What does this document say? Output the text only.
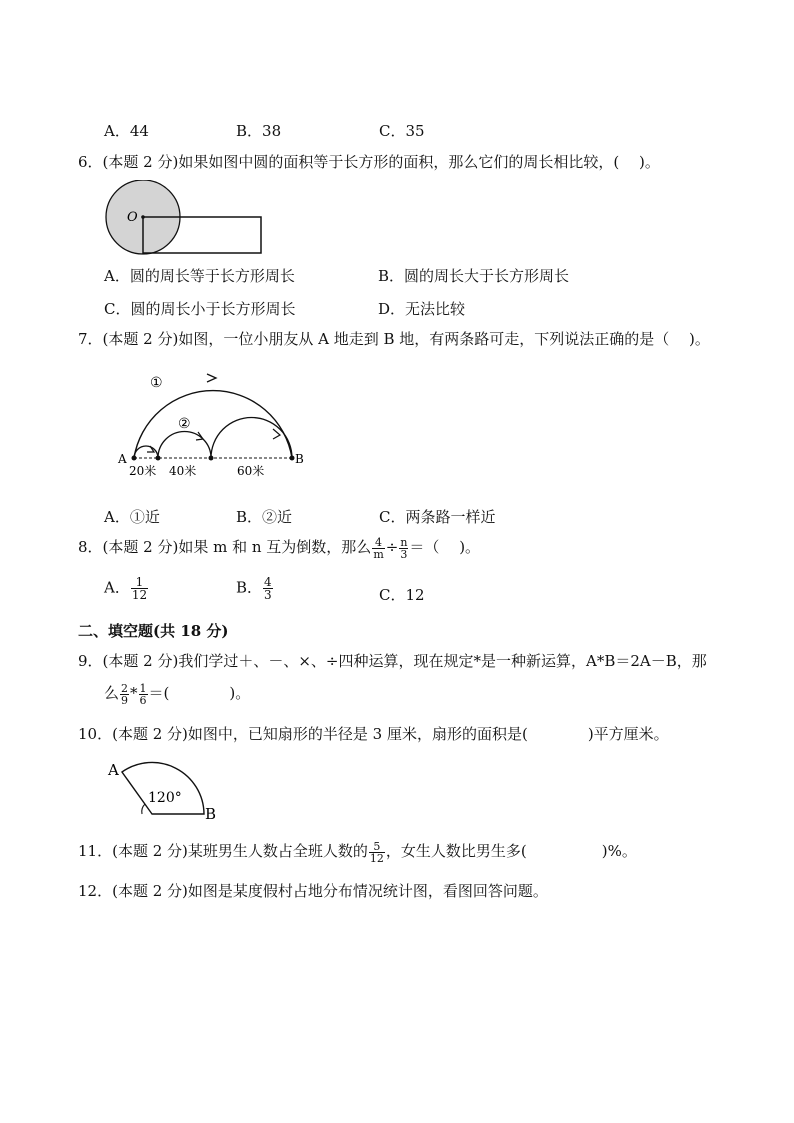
A．44	B．38	C．35
6．(本题 2 分)如果如图中圆的面积等于长方形的面积，那么它们的周长相比较，(　 )。
O
A．圆的周长等于长方形周长	B．圆的周长大于长方形周长
C．圆的周长小于长方形周长	D．无法比较
7．(本题 2 分)如图，一位小朋友从 A 地走到 B 地，有两条路可走，下列说法正确的是（　 )。
①
②
A	B
20米 40米	60米
A．①近	B．②近	C．两条路一样近
8．(本题 2 分)如果 m 和 n 互为倒数，那么 $\frac{4}{m} \div \frac{n}{3}$ ＝（　 )。
A． $\frac{1}{12}$	B． $\frac{4}{3}$	C．12
二、填空题(共 18 分)
9．(本题 2 分)我们学过＋、－、×、÷四种运算，现在规定*是一种新运算，A*B＝2A－B，那
么 $\frac{2}{9} * \frac{1}{6}$ ＝(　　　　)。
10．(本题 2 分)如图中，已知扇形的半径是 3 厘米，扇形的面积是(　　　　)平方厘米。
A
B
120°
11．(本题 2 分)某班男生人数占全班人数的 $\frac{5}{12}$ ，女生人数比男生多(　　　　　)%。
12．(本题 2 分)如图是某度假村占地分布情况统计图，看图回答问题。
